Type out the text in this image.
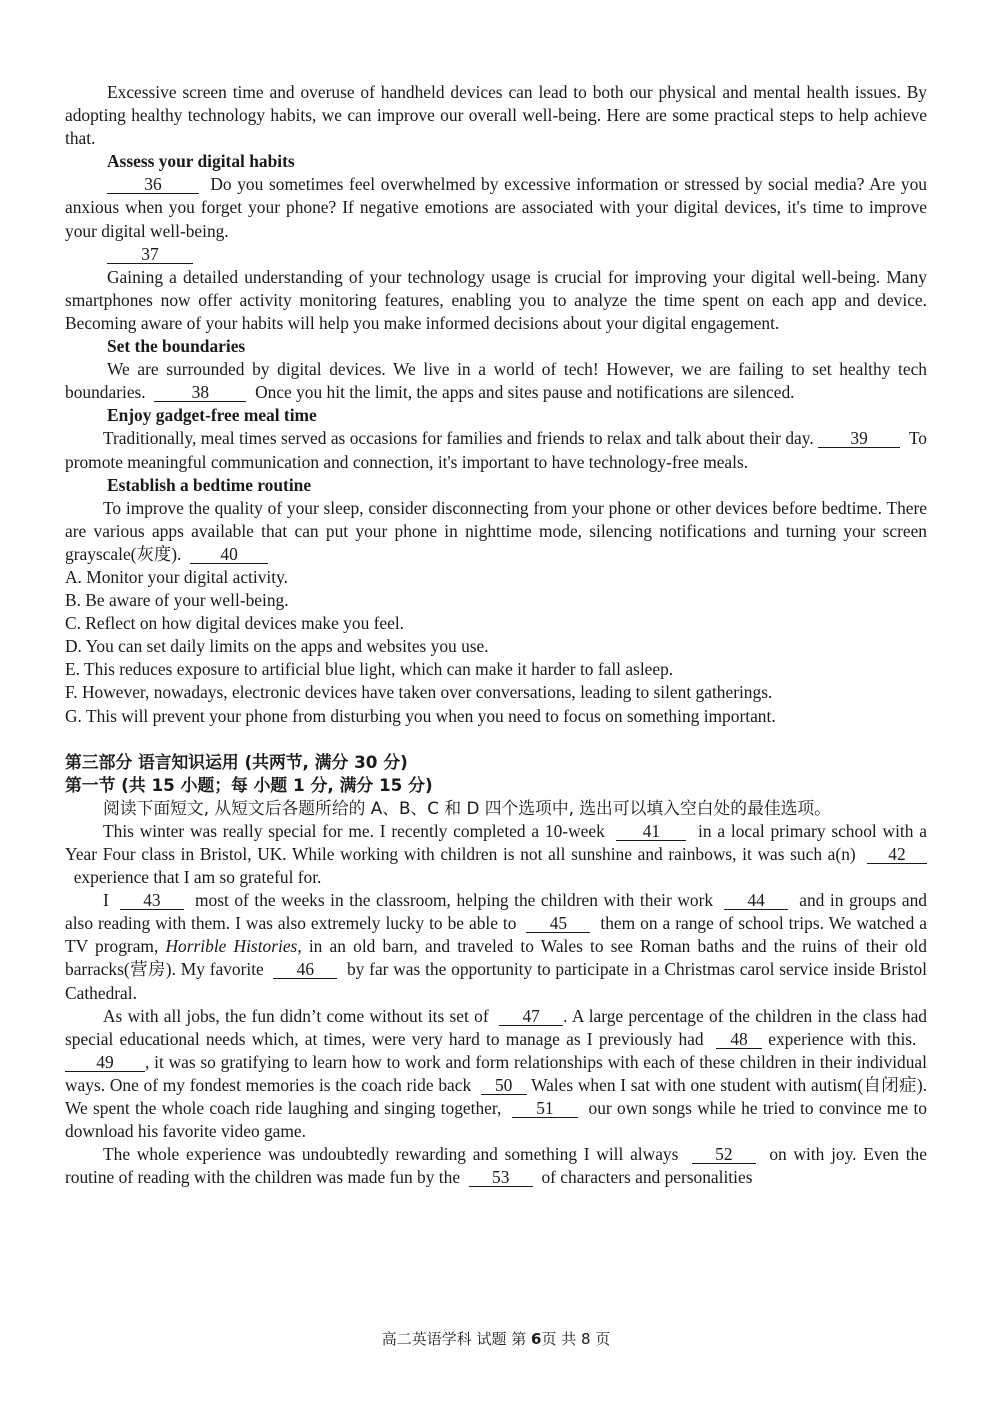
Excessive screen time and overuse of handheld devices can lead to both our physical and mental health issues. By adopting healthy technology habits, we can improve our overall well-being. Here are some practical steps to help achieve that.

Assess your digital habits

36	Do you sometimes feel overwhelmed by excessive information or stressed by social media? Are you anxious when you forget your phone? If negative emotions are associated with your digital devices, it's time to improve your digital well-being.

37

Gaining a detailed understanding of your technology usage is crucial for improving your digital well-being. Many smartphones now offer activity monitoring features, enabling you to analyze the time spent on each app and device. Becoming aware of your habits will help you make informed decisions about your digital engagement.

Set the boundaries

We are surrounded by digital devices. We live in a world of tech! However, we are failing to set healthy tech boundaries.	38	Once you hit the limit, the apps and sites pause and notifications are silenced.

Enjoy gadget-free meal time

Traditionally, meal times served as occasions for families and friends to relax and talk about their day. 39 To promote meaningful communication and connection, it's important to have technology-free meals.

Establish a bedtime routine

To improve the quality of your sleep, consider disconnecting from your phone or other devices before bedtime. There are various apps available that can put your phone in nighttime mode, silencing notifications and turning your screen grayscale(灰度). 40

A. Monitor your digital activity.

B. Be aware of your well-being.

C. Reflect on how digital devices make you feel.

D. You can set daily limits on the apps and websites you use.

E. This reduces exposure to artificial blue light, which can make it harder to fall asleep.

F. However, nowadays, electronic devices have taken over conversations, leading to silent gatherings.

G. This will prevent your phone from disturbing you when you need to focus on something important.

第三部分 语言知识运用 (共两节, 满分 30 分)

第一节 (共 15 小题；每 小题 1 分, 满分 15 分)

阅读下面短文, 从短文后各题所给的 A、B、C 和 D 四个选项中, 选出可以填入空白处的最佳选项。

This winter was really special for me. I recently completed a 10-week 41 in a local primary school with a Year Four class in Bristol, UK. While working with children is not all sunshine and rainbows, it was such a(n) 42  experience that I am so grateful for.

I 43 most of the weeks in the classroom, helping the children with their work 44 and in groups and also reading with them. I was also extremely lucky to be able to 45 them on a range of school trips. We watched a TV program, Horrible Histories, in an old barn, and traveled to Wales to see Roman baths and the ruins of their old barracks(营房). My favorite 46 by far was the opportunity to participate in a Christmas carol service inside Bristol Cathedral.

As with all jobs, the fun didn’t come without its set of 47 . A large percentage of the children in the class had special educational needs which, at times, were very hard to manage as I previously had 48 experience with this.  49 , it was so gratifying to learn how to work and form relationships with each of these children in their individual ways. One of my fondest memories is the coach ride back 50 Wales when I sat with one student with autism(自闭症). We spent the whole coach ride laughing and singing together, 51 our own songs while he tried to convince me to download his favorite video game.

The whole experience was undoubtedly rewarding and something I will always 52 on with joy. Even the routine of reading with the children was made fun by the 53 of characters and personalities

高二英语学科 试题 第 6页 共 8 页
